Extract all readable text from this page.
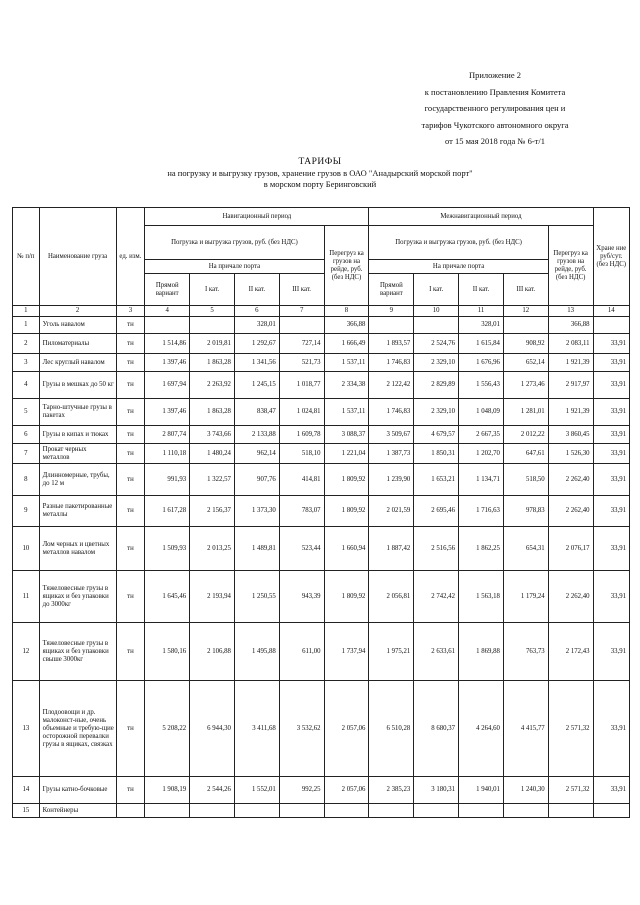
Приложение 2
к постановлению Правления Комитета
государственного регулирования цен и
тарифов Чукотского автономного округа
от 15 мая 2018 года № 6-т/1
ТАРИФЫ
на погрузку и выгрузку грузов, хранение грузов в ОАО "Анадырский морской порт"
в морском порту Беринговский
№ п/п	Наименование груза	ед. изм.	Навигационный период					Межнавигационный период					Хране ние руб/сут. (без НДС)
			Погрузка и выгрузка грузов, руб. (без НДС)				Перегруз ка грузов на рейде, руб. (без НДС)	Погрузка и выгрузка грузов, руб. (без НДС)				Перегруз ка грузов на рейде, руб. (без НДС)	
			На причале порта					На причале порта					
			Прямой вариант	I кат.	II кат.	III кат.		Прямой вариант	I кат.	II кат.	III кат.		
1	2	3	4	5	6	7	8	9	10	11	12	13	14
1	Уголь навалом	тн			328,01		366,88			328,01		366,88	
2	Пиломатериалы	тн	1 514,86	2 019,81	1 292,67	727,14	1 666,49	1 893,57	2 524,76	1 615,84	908,92	2 083,11	33,91
3	Лес круглый навалом	тн	1 397,46	1 863,28	1 341,56	521,73	1 537,11	1 746,83	2 329,10	1 676,96	652,14	1 921,39	33,91
4	Грузы в мешках до 50 кг	тн	1 697,94	2 263,92	1 245,15	1 018,77	2 334,38	2 122,42	2 829,89	1 556,43	1 273,46	2 917,97	33,91
5	Тарно-штучные грузы в пакетах	тн	1 397,46	1 863,28	838,47	1 024,81	1 537,11	1 746,83	2 329,10	1 048,09	1 281,01	1 921,39	33,91
6	Грузы в кипах и тюках	тн	2 807,74	3 743,66	2 133,88	1 609,78	3 088,37	3 509,67	4 679,57	2 667,35	2 012,22	3 860,45	33,91
7	Прокат черных металлов	тн	1 110,18	1 480,24	962,14	518,10	1 221,04	1 387,73	1 850,31	1 202,70	647,61	1 526,30	33,91
8	Длинномерные, трубы, до 12 м	тн	991,93	1 322,57	907,76	414,81	1 809,92	1 239,90	1 653,21	1 134,71	518,50	2 262,40	33,91
9	Разные пакетированные металлы	тн	1 617,28	2 156,37	1 373,30	783,07	1 809,92	2 021,59	2 695,46	1 716,63	978,83	2 262,40	33,91
10	Лом черных и цветных металлов навалом	тн	1 509,93	2 013,25	1 489,81	523,44	1 660,94	1 887,42	2 516,56	1 862,25	654,31	2 076,17	33,91
11	Тяжеловесные грузы в ящиках и без упаковки до 3000кг	тн	1 645,46	2 193,94	1 250,55	943,39	1 809,92	2 056,81	2 742,42	1 563,18	1 179,24	2 262,40	33,91
12	Тяжеловесные грузы в ящиках и без упаковки свыше 3000кг	тн	1 580,16	2 106,88	1 495,88	611,00	1 737,94	1 975,21	2 633,61	1 869,88	763,73	2 172,43	33,91
13	Плодоовощи и др. малоконст-ные, очень объемные и требую-щие осторожной перевалки грузы в ящиках, связках	тн	5 208,22	6 944,30	3 411,68	3 532,62	2 057,06	6 510,28	8 680,37	4 264,60	4 415,77	2 571,32	33,91
14	Грузы катно-бочковые	тн	1 908,19	2 544,26	1 552,01	992,25	2 057,06	2 385,23	3 180,31	1 940,01	1 240,30	2 571,32	33,91
15	Контейнеры												
